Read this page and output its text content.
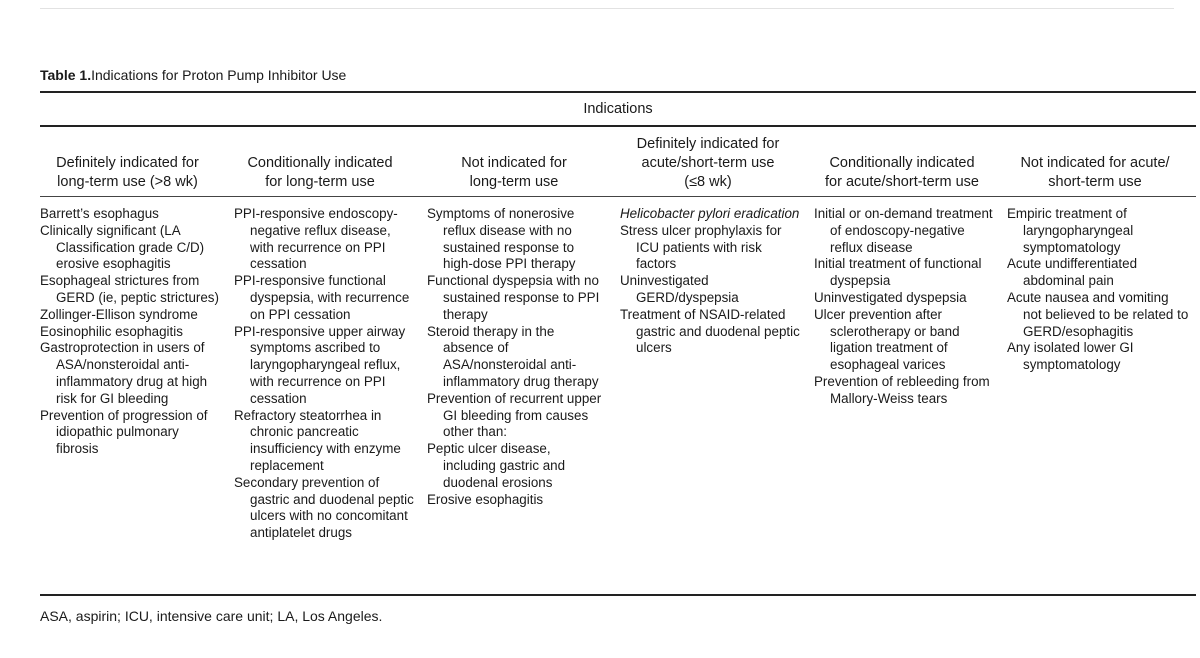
Table 1.Indications for Proton Pump Inhibitor Use
Indications
Definitely indicated for
long-term use (>8 wk)
Conditionally indicated
for long-term use
Not indicated for
long-term use
Definitely indicated for
acute/short-term use
(≤8 wk)
Conditionally indicated
for acute/short-term use
Not indicated for acute/
short-term use
Barrett’s esophagus
Clinically significant (LA Classification grade C/D) erosive esophagitis
Esophageal strictures from GERD (ie, peptic strictures)
Zollinger-Ellison syndrome
Eosinophilic esophagitis
Gastroprotection in users of ASA/nonsteroidal anti-inflammatory drug at high risk for GI bleeding
Prevention of progression of idiopathic pulmonary fibrosis
PPI-responsive endoscopy-negative reflux disease, with recurrence on PPI cessation
PPI-responsive functional dyspepsia, with recurrence on PPI cessation
PPI-responsive upper airway symptoms ascribed to laryngopharyngeal reflux, with recurrence on PPI cessation
Refractory steatorrhea in chronic pancreatic insufficiency with enzyme replacement
Secondary prevention of gastric and duodenal peptic ulcers with no concomitant antiplatelet drugs
Symptoms of nonerosive reflux disease with no sustained response to high-dose PPI therapy
Functional dyspepsia with no sustained response to PPI therapy
Steroid therapy in the absence of ASA/nonsteroidal anti-inflammatory drug therapy
Prevention of recurrent upper GI bleeding from causes other than:
Peptic ulcer disease, including gastric and duodenal erosions
Erosive esophagitis
Helicobacter pylori eradication
Stress ulcer prophylaxis for ICU patients with risk factors
Uninvestigated GERD/dyspepsia
Treatment of NSAID-related gastric and duodenal peptic ulcers
Initial or on-demand treatment of endoscopy-negative reflux disease
Initial treatment of functional dyspepsia
Uninvestigated dyspepsia
Ulcer prevention after sclerotherapy or band ligation treatment of esophageal varices
Prevention of rebleeding from Mallory-Weiss tears
Empiric treatment of laryngopharyngeal symptomatology
Acute undifferentiated abdominal pain
Acute nausea and vomiting not believed to be related to GERD/esophagitis
Any isolated lower GI symptomatology
ASA, aspirin; ICU, intensive care unit; LA, Los Angeles.
